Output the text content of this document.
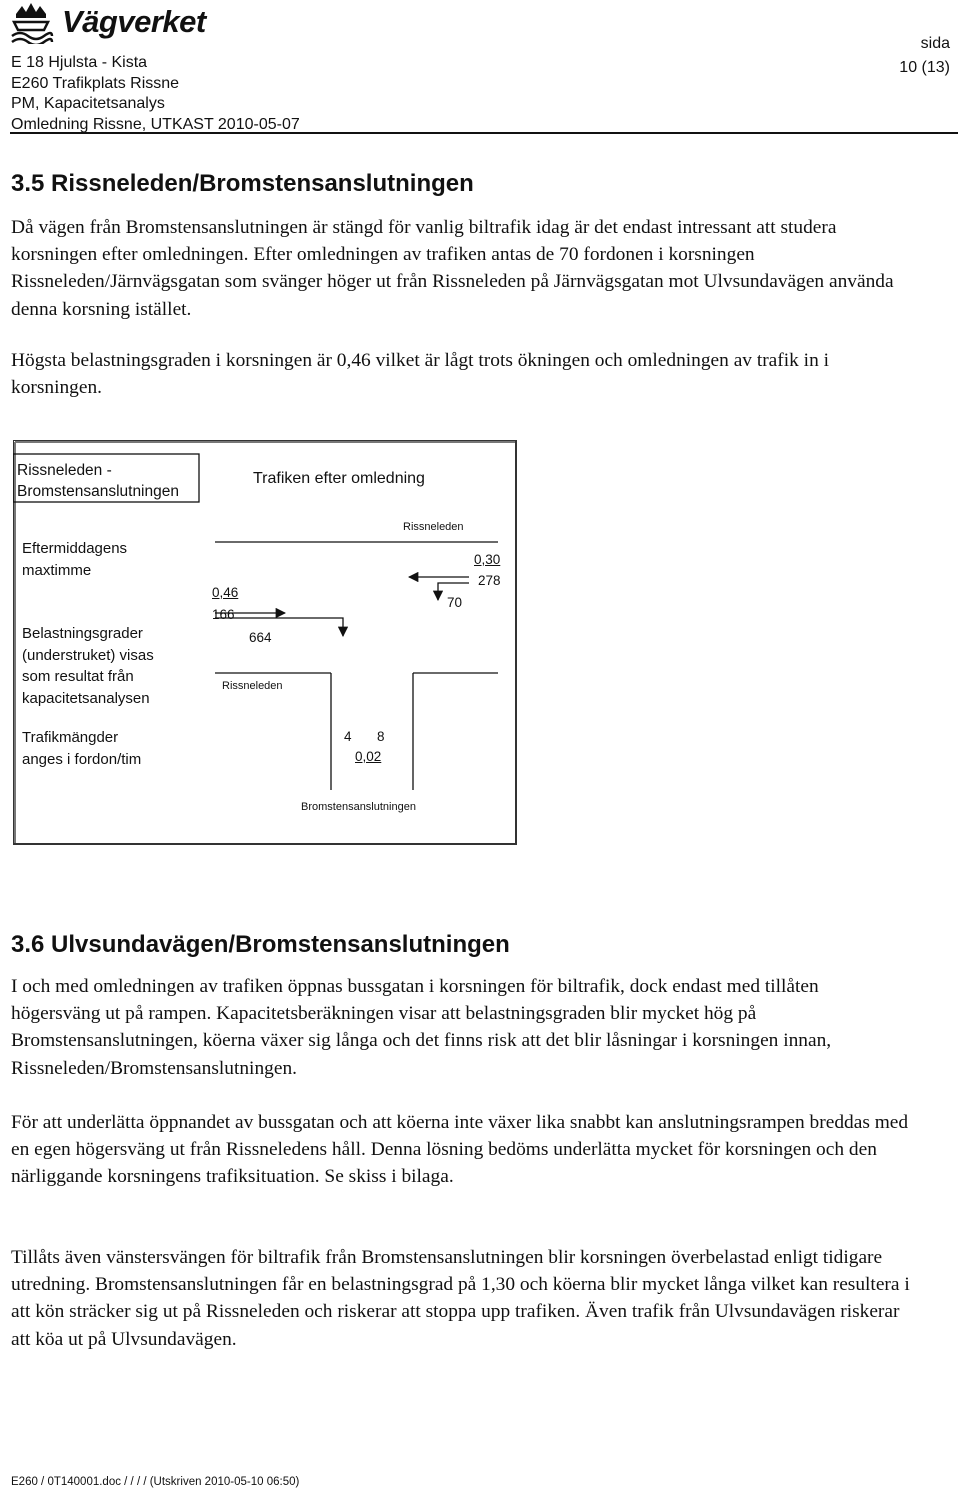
Vägverket
E 18 Hjulsta - Kista
E260 Trafikplats Rissne
PM, Kapacitetsanalys
Omledning Rissne, UTKAST 2010-05-07
sida
10 (13)
3.5 Rissneleden/Bromstensanslutningen

Då vägen från Bromstensanslutningen är stängd för vanlig biltrafik idag är det endast intressant att studera korsningen efter omledningen. Efter omledningen av trafiken antas de 70 fordonen i korsningen Rissneleden/Järnvägsgatan som svänger höger ut från Rissneleden på Järnvägsgatan mot Ulvsundavägen använda denna korsning istället.

Högsta belastningsgraden i korsningen är 0,46 vilket är lågt trots ökningen och omledningen av trafik in i korsningen.

Rissneleden -
Bromstensanslutningen
Trafiken efter omledning
Eftermiddagens
maxtimme
Belastningsgrader
(understruket) visas
som resultat från
kapacitetsanalysen
Trafikmängder
anges i fordon/tim
Rissneleden
Rissneleden
Bromstensanslutningen
0,46
166
664
0,30
278
70
4 8
0,02
3.6 Ulvsundavägen/Bromstensanslutningen

I och med omledningen av trafiken öppnas bussgatan i korsningen för biltrafik, dock endast med tillåten högersväng ut på rampen. Kapacitetsberäkningen visar att belastningsgraden blir mycket hög på Bromstensanslutningen, köerna växer sig långa och det finns risk att det blir låsningar i korsningen innan, Rissneleden/Bromstensanslutningen.

För att underlätta öppnandet av bussgatan och att köerna inte växer lika snabbt kan anslutningsrampen breddas med en egen högersväng ut från Rissneledens håll. Denna lösning bedöms underlätta mycket för korsningen och den närliggande korsningens trafiksituation. Se skiss i bilaga.

Tillåts även vänstersvängen för biltrafik från Bromstensanslutningen blir korsningen överbelastad enligt tidigare utredning. Bromstensanslutningen får en belastningsgrad på 1,30 och köerna blir mycket långa vilket kan resultera i att kön sträcker sig ut på Rissneleden och riskerar att stoppa upp trafiken. Även trafik från Ulvsundavägen riskerar att köa ut på Ulvsundavägen.

E260 / 0T140001.doc / / / / (Utskriven 2010-05-10 06:50)
